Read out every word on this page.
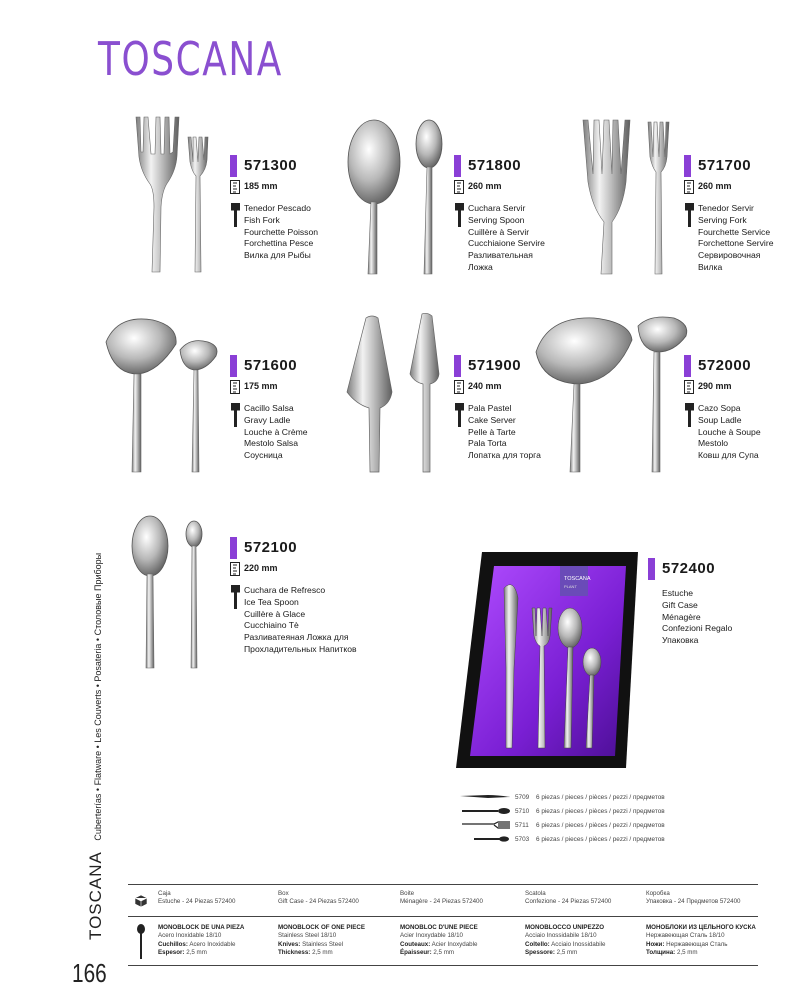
TOSCANA
571300
185 mm
Tenedor Pescado
Fish Fork
Fourchette Poisson
Forchettina Pesce
Вилка для Рыбы
571800
260 mm
Cuchara Servir
Serving Spoon
Cuillère à Servir
Cucchiaione Servire
Разливательная
Ложка
571700
260 mm
Tenedor Servir
Serving Fork
Fourchette Service
Forchettone Servire
Сервировочная
Вилка
571600
175 mm
Cacillo Salsa
Gravy Ladle
Louche à Crème
Mestolo Salsa
Соусница
571900
240 mm
Pala Pastel
Cake Server
Pelle à Tarte
Pala Torta
Лопатка для торга
572000
290 mm
Cazo Sopa
Soup Ladle
Louche à Soupe
Mestolo
Ковш для Супа
572100
220 mm
Cuchara de Refresco
Ice Tea Spoon
Cuillère à Glace
Cucchiaino Tè
Разливатеяная Ложка для
Прохладительных Напитков
TOSCANA
PLANT
572400
Estuche
Gift Case
Ménagère
Confezioni Regalo
Упаковка
5709 6 piezas / pieces / pièces / pezzi / предметов
5710 6 piezas / pieces / pièces / pezzi / предметов
5711 6 piezas / pieces / pièces / pezzi / предметов
5703 6 piezas / pieces / pièces / pezzi / предметов
TOSCANA Cuberterías • Flatware • Les Couverts • Posateria • Столовые Приборы
Caja
Estuche - 24 Piezas 572400
Box
Gift Case - 24 Piezas 572400
Boite
Ménagère - 24 Piezas 572400
Scatola
Confezione - 24 Piezas 572400
Коробка
Упаковка - 24 Предметов 572400
MONOBLOCK DE UNA PIEZA
Acero Inoxidable 18/10
Cuchillos: Acero Inoxidable
Espesor: 2,5 mm
MONOBLOCK OF ONE PIECE
Stainless Steel 18/10
Knives: Stainless Steel
Thickness: 2,5 mm
MONOBLOC D'UNE PIECE
Acier Inoxydable 18/10
Couteaux: Acier Inoxydable
Épaisseur: 2,5 mm
MONOBLOCCO UNIPEZZO
Acciaio Inossidabile 18/10
Coltello: Acciaio Inossidabile
Spessore: 2,5 mm
МОНОБЛОКИ ИЗ ЦЕЛЬНОГО КУСКА
Нержавеющая Сталь 18/10
Ножи: Нержавеющая Сталь
Толщина: 2,5 mm
166
